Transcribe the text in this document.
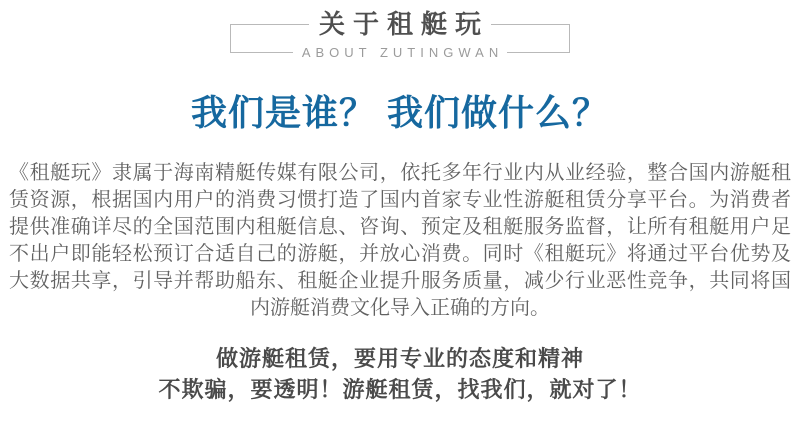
关于租艇玩
ABOUT ZUTINGWAN
我们是谁？ 我们做什么？
《租艇玩》隶属于海南精艇传媒有限公司，依托多年行业内从业经验，整合国内游艇租
赁资源，根据国内用户的消费习惯打造了国内首家专业性游艇租赁分享平台。为消费者
提供准确详尽的全国范围内租艇信息、咨询、预定及租艇服务监督，让所有租艇用户足
不出户即能轻松预订合适自己的游艇，并放心消费。同时《租艇玩》将通过平台优势及
大数据共享，引导并帮助船东、租艇企业提升服务质量，减少行业恶性竞争，共同将国
内游艇消费文化导入正确的方向。
做游艇租赁，要用专业的态度和精神
不欺骗，要透明！游艇租赁，找我们，就对了！
